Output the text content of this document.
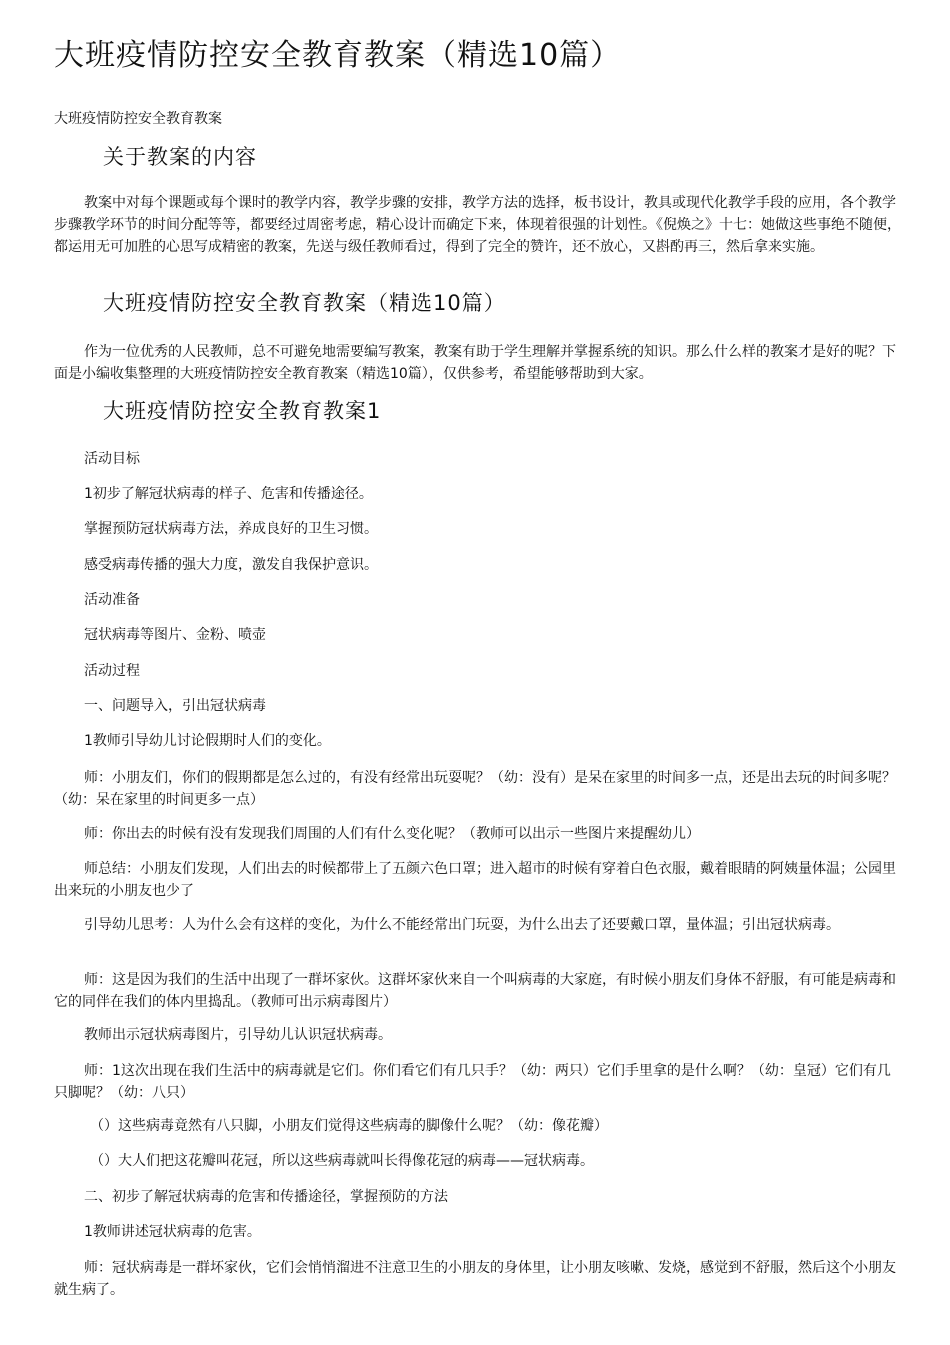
大班疫情防控安全教育教案（精选10篇）

大班疫情防控安全教育教案

关于教案的内容

教案中对每个课题或每个课时的教学内容，教学步骤的安排，教学方法的选择，板书设计，教具或现代化教学手段的应用，各个教学步骤教学环节的时间分配等等，都要经过周密考虑，精心设计而确定下来，体现着很强的计划性。《倪焕之》十七：她做这些事绝不随便，都运用无可加胜的心思写成精密的教案，先送与级任教师看过，得到了完全的赞许，还不放心，又斟酌再三，然后拿来实施。

大班疫情防控安全教育教案（精选10篇）

作为一位优秀的人民教师，总不可避免地需要编写教案，教案有助于学生理解并掌握系统的知识。那么什么样的教案才是好的呢？下面是小编收集整理的大班疫情防控安全教育教案（精选10篇），仅供参考，希望能够帮助到大家。

大班疫情防控安全教育教案1

活动目标

1初步了解冠状病毒的样子、危害和传播途径。

掌握预防冠状病毒方法，养成良好的卫生习惯。

感受病毒传播的强大力度，激发自我保护意识。

活动准备

冠状病毒等图片、金粉、喷壶

活动过程

一、问题导入，引出冠状病毒

1教师引导幼儿讨论假期时人们的变化。

师：小朋友们，你们的假期都是怎么过的，有没有经常出玩耍呢？（幼：没有）是呆在家里的时间多一点，还是出去玩的时间多呢？（幼：呆在家里的时间更多一点）

师：你出去的时候有没有发现我们周围的人们有什么变化呢？（教师可以出示一些图片来提醒幼儿）

师总结：小朋友们发现，人们出去的时候都带上了五颜六色口罩；进入超市的时候有穿着白色衣服，戴着眼睛的阿姨量体温；公园里出来玩的小朋友也少了

引导幼儿思考：人为什么会有这样的变化，为什么不能经常出门玩耍，为什么出去了还要戴口罩，量体温；引出冠状病毒。

师：这是因为我们的生活中出现了一群坏家伙。这群坏家伙来自一个叫病毒的大家庭，有时候小朋友们身体不舒服，有可能是病毒和它的同伴在我们的体内里捣乱。（教师可出示病毒图片）

教师出示冠状病毒图片，引导幼儿认识冠状病毒。

师：1这次出现在我们生活中的病毒就是它们。你们看它们有几只手？（幼：两只）它们手里拿的是什么啊？（幼：皇冠）它们有几只脚呢？（幼：八只）

（）这些病毒竟然有八只脚，小朋友们觉得这些病毒的脚像什么呢？（幼：像花瓣）

（）大人们把这花瓣叫花冠，所以这些病毒就叫长得像花冠的病毒——冠状病毒。

二、初步了解冠状病毒的危害和传播途径，掌握预防的方法

1教师讲述冠状病毒的危害。

师：冠状病毒是一群坏家伙，它们会悄悄溜进不注意卫生的小朋友的身体里，让小朋友咳嗽、发烧，感觉到不舒服，然后这个小朋友就生病了。
